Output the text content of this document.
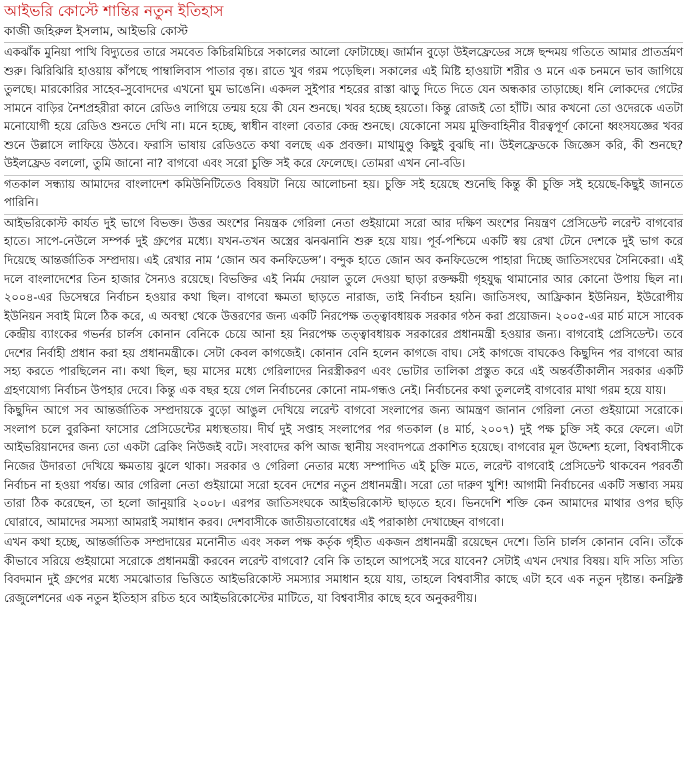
আইভরি কোস্টে শান্তির নতুন ইতিহাস
কাজী জহিরুল ইসলাম, আইভরি কোস্ট

একঝাঁক মুনিয়া পাখি বিদ্যুতের তারে সমবেত কিচিরমিচিরে সকালের আলো ফোটাচ্ছে। জার্মান বুড়ো উইলফ্রেডের সঙ্গে ছন্দময় গতিতে আমার প্রাতর্ভ্রমণ শুরু। ঝিরিঝিরি হাওয়ায় কাঁপছে পাম্বালিবাস পাতার বৃন্ত। রাতে খুব গরম পড়েছিল। সকালের এই মিষ্টি হাওয়াটা শরীর ও মনে এক চনমনে ভাব জাগিয়ে তুলছে। মারকোরির সাহেব-সুবোদদের এখনো ঘুম ভাঙেনি। একদল সুইপার শহরের রাস্তা ঝাড়ু দিতে দিতে যেন অন্ধকার তাড়াচ্ছে। ধনি লোকদের গেটের সামনে বাড়ির নৈশপ্রহরীরা কানে রেডিও লাগিয়ে তন্ময় হয়ে কী যেন শুনছে। খবর হচ্ছে হয়তো। কিন্তু রোজই তো হাঁটি। আর কখনো তো ওদেরকে এতটা মনোযোগী হয়ে রেডিও শুনতে দেখি না। মনে হচ্ছে, স্বাধীন বাংলা বেতার কেন্দ্র শুনছে। যেকোনো সময় মুক্তিবাহিনীর বীরত্বপূর্ণ কোনো ধ্বংসযজ্ঞের খবর শুনে উল্লাসে লাফিয়ে উঠবে। ফরাসি ভাষায় রেডিওতে কথা বলছে এক প্রবক্তা। মাথামুণ্ডু কিছুই বুঝছি না। উইলফ্রেডকে জিজ্ঞেস করি, কী শুনছে? উইলফ্রেড বললো, তুমি জানো না? বাগবো এবং সরো চুক্তি সই করে ফেলেছে। তোমরা এখন নো-বডি।

গতকাল সন্ধ্যায় আমাদের বাংলাদেশ কমিউনিটিতেও বিষয়টা নিয়ে আলোচনা হয়। চুক্তি সই হয়েছে শুনেছি কিন্তু কী চুক্তি সই হয়েছে-কিছুই জানতে পারিনি।

আইভরিকোস্ট কার্যত দুই ভাগে বিভক্ত। উত্তর অংশের নিয়ন্ত্রক গেরিলা নেতা গুইয়ামো সরো আর দক্ষিণ অংশের নিয়ন্ত্রণ প্রেসিডেন্ট লরেন্ট বাগবোর হাতে। সাপে-নেউলে সম্পর্ক দুই গ্রুপের মধ্যে। যখন-তখন অস্ত্রের ঝনঝনানি শুরু হয়ে যায়। পূর্ব-পশ্চিমে একটি স্বয় রেখা টেনে দেশকে দুই ভাগ করে দিয়েছে আন্তর্জাতিক সম্প্রদায়। এই রেখার নাম ‘জোন অব কনফিডেন্স’। বন্দুক হাতে জোন অব কনফিডেন্সে পাহারা দিচ্ছে জাতিসংঘের সৈনিকেরা। এই দলে বাংলাদেশের তিন হাজার সৈন্যও রয়েছে। বিভক্তির এই নির্মম দেয়াল তুলে দেওয়া ছাড়া রক্তক্ষয়ী গৃহযুদ্ধ থামানোর আর কোনো উপায় ছিল না। ২০০৪-এর ডিসেম্বরে নির্বাচন হওয়ার কথা ছিল। বাগবো ক্ষমতা ছাড়তে নারাজ, তাই নির্বাচন হয়নি। জাতিসংঘ, আফ্রিকান ইউনিয়ন, ইউরোপীয় ইউনিয়ন সবাই মিলে ঠিক করে, এ অবস্থা থেকে উত্তরণের জন্য একটি নিরপেক্ষ তত্ত্বাবধায়ক সরকার গঠন করা প্রয়োজন। ২০০৫-এর মার্চ মাসে সাবেক কেন্দ্রীয় ব্যাংকের গভর্নর চার্লস কোনান বেনিকে চেয়ে আনা হয় নিরপেক্ষ তত্ত্বাবধায়ক সরকারের প্রধানমন্ত্রী হওয়ার জন্য। বাগবোই প্রেসিডেন্ট। তবে দেশের নির্বাহী প্রধান করা হয় প্রধানমন্ত্রীকে। সেটা কেবল কাগজেই। কোনান বেনি হলেন কাগজে বাঘ। সেই কাগজে বাঘকেও কিছুদিন পর বাগবো আর সহ্য করতে পারছিলেন না। কথা ছিল, ছয় মাসের মধ্যে গেরিলাদের নিরস্ত্রীকরণ এবং ভোটার তালিকা প্রস্তুত করে এই অন্তর্বর্তীকালীন সরকার একটি গ্রহণযোগ্য নির্বাচন উপহার দেবে। কিন্তু এক বছর হয়ে গেল নির্বাচনের কোনো নাম-গন্ধও নেই। নির্বাচনের কথা তুললেই বাগবোর মাথা গরম হয়ে যায়।

কিছুদিন আগে সব আন্তর্জাতিক সম্প্রদায়কে বুড়ো আঙুল দেখিয়ে লরেন্ট বাগবো সংলাপের জন্য আমন্ত্রণ জানান গেরিলা নেতা গুইয়ামো সরোকে। সংলাপ চলে বুরকিনা ফাসোর প্রেসিডেন্টের মধ্যস্থতায়। দীর্ঘ দুই সপ্তাহ সংলাপের পর গতকাল (৪ মার্চ, ২০০৭) দুই পক্ষ চুক্তি সই করে ফেলে। এটা আইভরিয়ানদের জন্য তো একটা ব্রেকিং নিউজই বটে। সংবাদের কপি আজ স্থানীয় সংবাদপত্রে প্রকাশিত হয়েছে। বাগবোর মূল উদ্দেশ্য হলো, বিশ্ববাসীকে নিজের উদারতা দেখিয়ে ক্ষমতায় ঝুলে থাকা। সরকার ও গেরিলা নেতার মধ্যে সম্পাদিত এই চুক্তি মতে, লরেন্ট বাগবোই প্রেসিডেন্ট থাকবেন পরবর্তী নির্বাচন না হওয়া পর্যন্ত। আর গেরিলা নেতা গুইয়ামো সরো হবেন দেশের নতুন প্রধানমন্ত্রী। সরো তো দারুণ খুশি! আগামী নির্বাচনের একটি সম্ভাব্য সময় তারা ঠিক করেছেন, তা হলো জানুয়ারি ২০০৮। এরপর জাতিসংঘকে আইভরিকোস্ট ছাড়তে হবে। ভিনদেশি শক্তি কেন আমাদের মাথার ওপর ছড়ি ঘোরাবে, আমাদের সমস্যা আমরাই সমাধান করব। দেশবাসীকে জাতীয়তাবোধের এই পরাকাষ্ঠা দেখাচ্ছেন বাগবো।

এখন কথা হচ্ছে, আন্তর্জাতিক সম্প্রদায়ের মনোনীত এবং সকল পক্ষ কর্তৃক গৃহীত একজন প্রধানমন্ত্রী রয়েছেন দেশে। তিনি চার্লস কোনান বেনি। তাঁকে কীভাবে সরিয়ে গুইয়ামো সরোকে প্রধানমন্ত্রী করবেন লরেন্ট বাগবো? বেনি কি তাহলে আপসেই সরে যাবেন? সেটাই এখন দেখার বিষয়। যদি সত্যি সত্যি বিবদমান দুই গ্রুপের মধ্যে সমঝোতার ভিত্তিতে আইভরিকোস্ট সমস্যার সমাধান হয়ে যায়, তাহলে বিশ্ববাসীর কাছে এটা হবে এক নতুন দৃষ্টান্ত। কনফ্লিক্ট রেজুলেশনের এক নতুন ইতিহাস রচিত হবে আইভরিকোস্টের মাটিতে, যা বিশ্ববাসীর কাছে হবে অনুকরণীয়।
